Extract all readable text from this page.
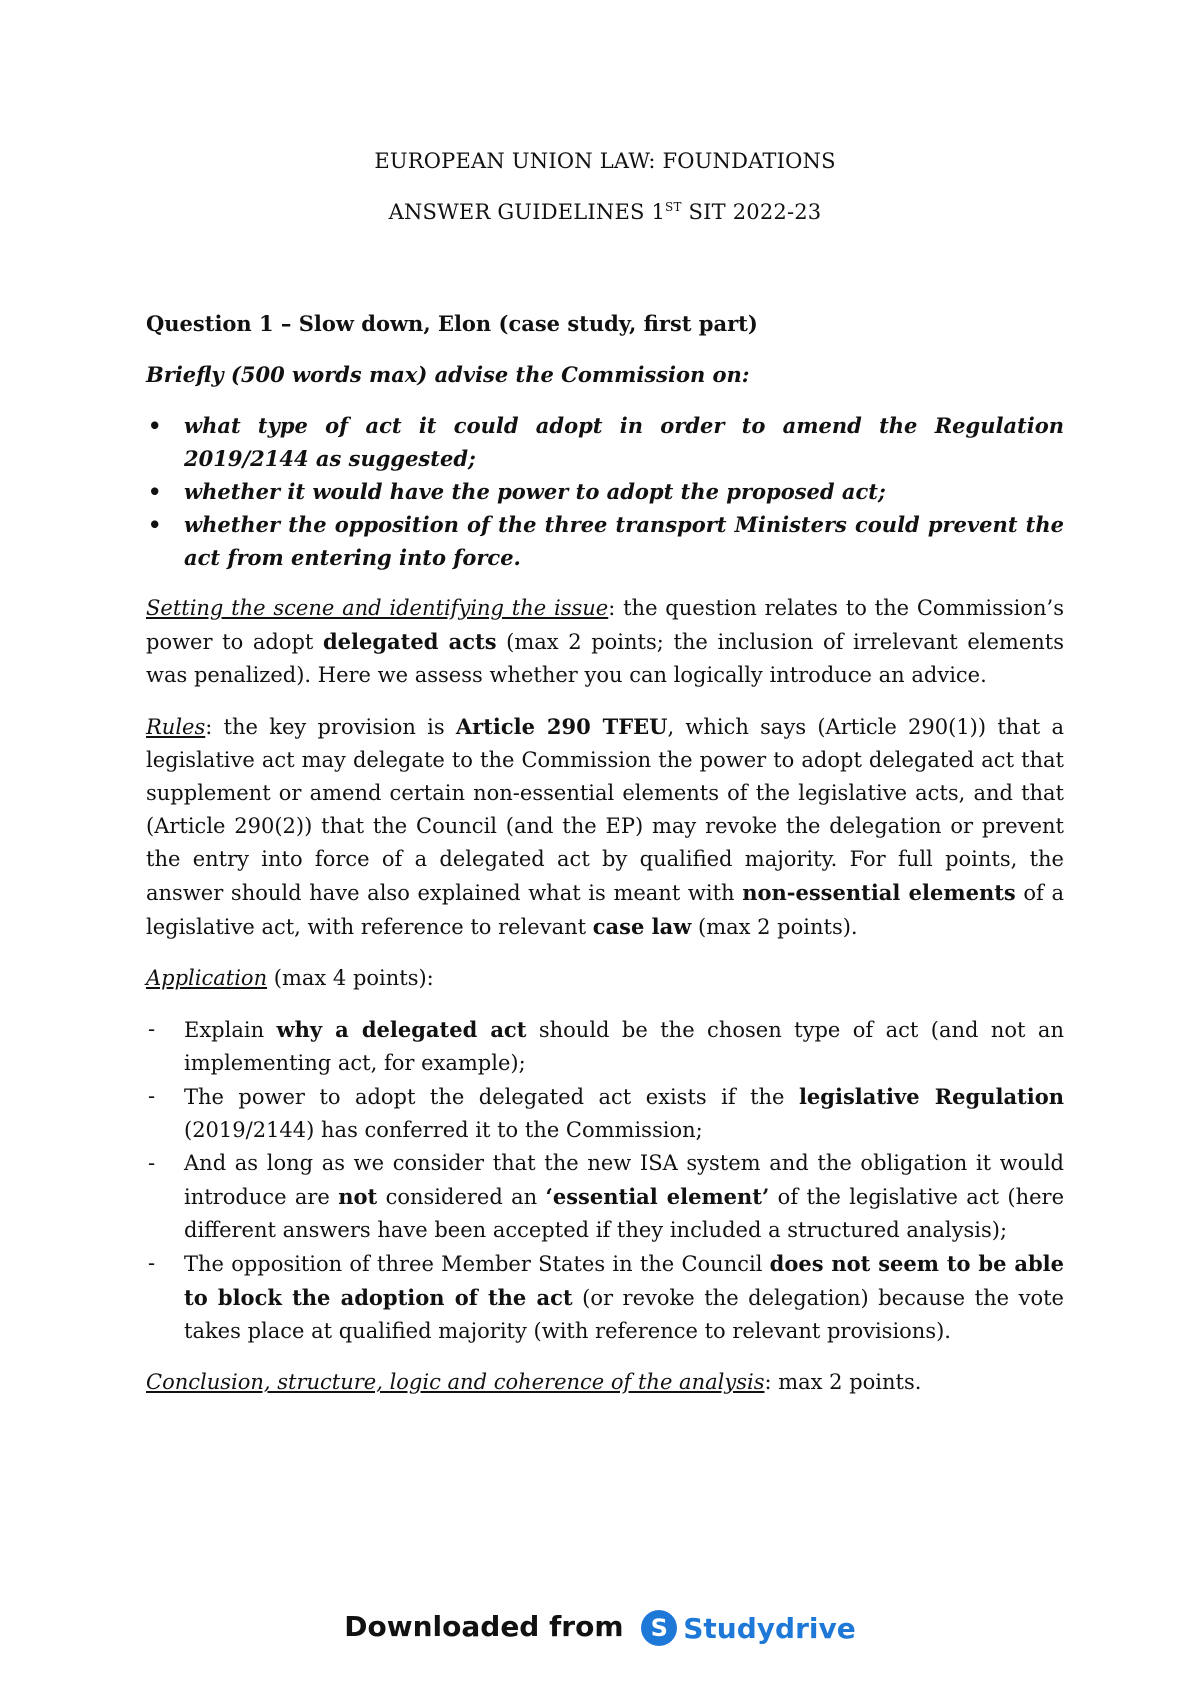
EUROPEAN UNION LAW: FOUNDATIONS
ANSWER GUIDELINES 1ST SIT 2022-23
Question 1 – Slow down, Elon (case study, first part)

Briefly (500 words max) advise the Commission on:

• what type of act it could adopt in order to amend the Regulation 2019/2144 as suggested;
• whether it would have the power to adopt the proposed act;
• whether the opposition of the three transport Ministers could prevent the act from entering into force.

Setting the scene and identifying the issue: the question relates to the Commission’s power to adopt delegated acts (max 2 points; the inclusion of irrelevant elements was penalized). Here we assess whether you can logically introduce an advice.

Rules: the key provision is Article 290 TFEU, which says (Article 290(1)) that a legislative act may delegate to the Commission the power to adopt delegated act that supplement or amend certain non-essential elements of the legislative acts, and that (Article 290(2)) that the Council (and the EP) may revoke the delegation or prevent the entry into force of a delegated act by qualified majority. For full points, the answer should have also explained what is meant with non-essential elements of a legislative act, with reference to relevant case law (max 2 points).

Application (max 4 points):

- Explain why a delegated act should be the chosen type of act (and not an implementing act, for example);
- The power to adopt the delegated act exists if the legislative Regulation (2019/2144) has conferred it to the Commission;
- And as long as we consider that the new ISA system and the obligation it would introduce are not considered an ‘essential element’ of the legislative act (here different answers have been accepted if they included a structured analysis);
- The opposition of three Member States in the Council does not seem to be able to block the adoption of the act (or revoke the delegation) because the vote takes place at qualified majority (with reference to relevant provisions).

Conclusion, structure, logic and coherence of the analysis: max 2 points.

Downloaded from	S Studydrive
